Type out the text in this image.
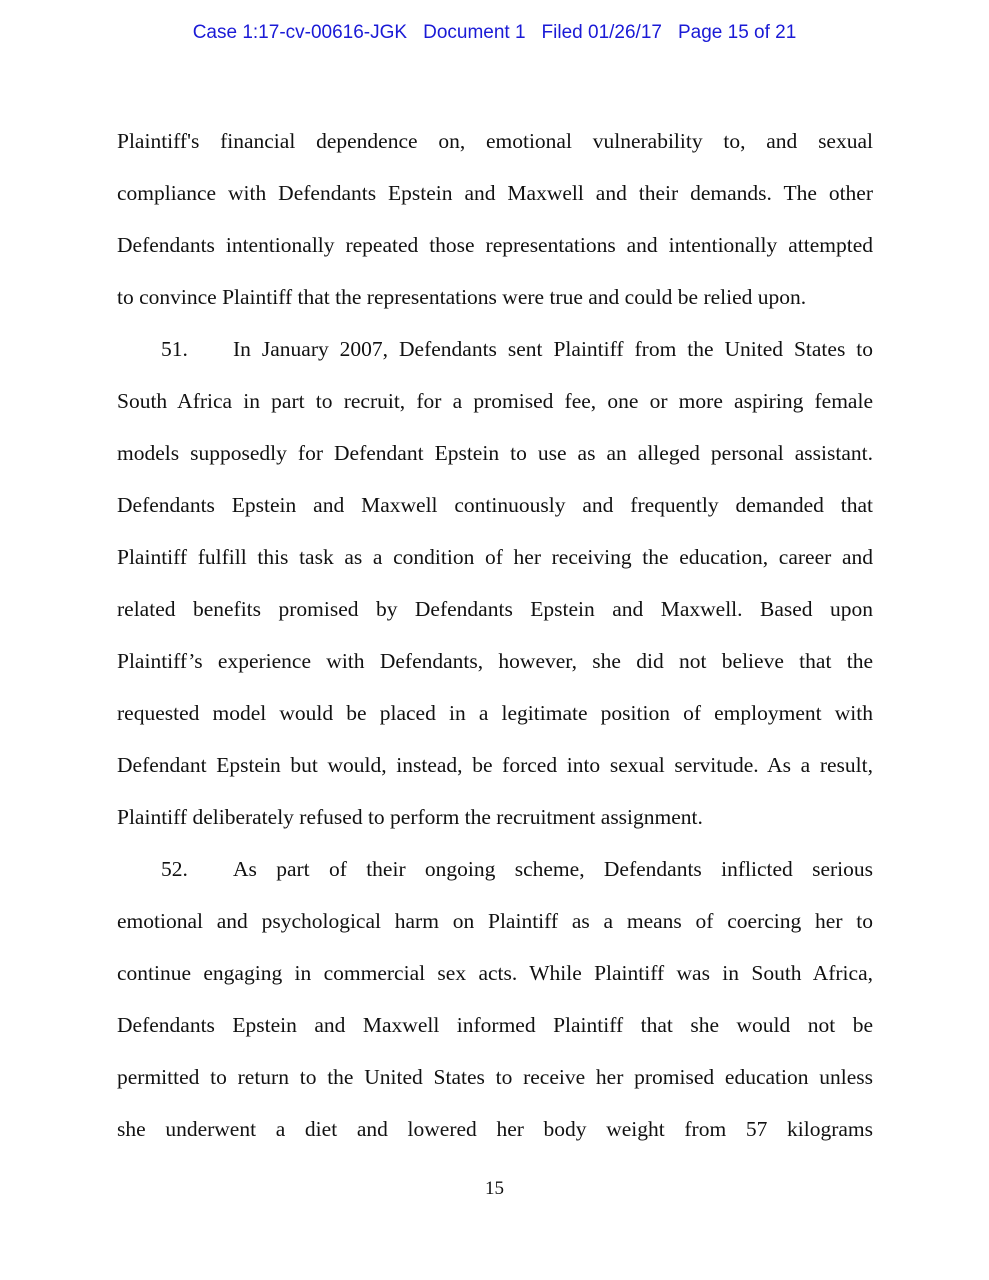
Case 1:17-cv-00616-JGK Document 1 Filed 01/26/17 Page 15 of 21
Plaintiff's financial dependence on, emotional vulnerability to, and sexual
compliance with Defendants Epstein and Maxwell and their demands. The other
Defendants intentionally repeated those representations and intentionally attempted
to convince Plaintiff that the representations were true and could be relied upon.
51.	In January 2007, Defendants sent Plaintiff from the United States to
South Africa in part to recruit, for a promised fee, one or more aspiring female
models supposedly for Defendant Epstein to use as an alleged personal assistant.
Defendants Epstein and Maxwell continuously and frequently demanded that
Plaintiff fulfill this task as a condition of her receiving the education, career and
related benefits promised by Defendants Epstein and Maxwell. Based upon
Plaintiff’s experience with Defendants, however, she did not believe that the
requested model would be placed in a legitimate position of employment with
Defendant Epstein but would, instead, be forced into sexual servitude. As a result,
Plaintiff deliberately refused to perform the recruitment assignment.
52.	As part of their ongoing scheme, Defendants inflicted serious
emotional and psychological harm on Plaintiff as a means of coercing her to
continue engaging in commercial sex acts. While Plaintiff was in South Africa,
Defendants Epstein and Maxwell informed Plaintiff that she would not be
permitted to return to the United States to receive her promised education unless
she underwent a diet and lowered her body weight from 57 kilograms
15
